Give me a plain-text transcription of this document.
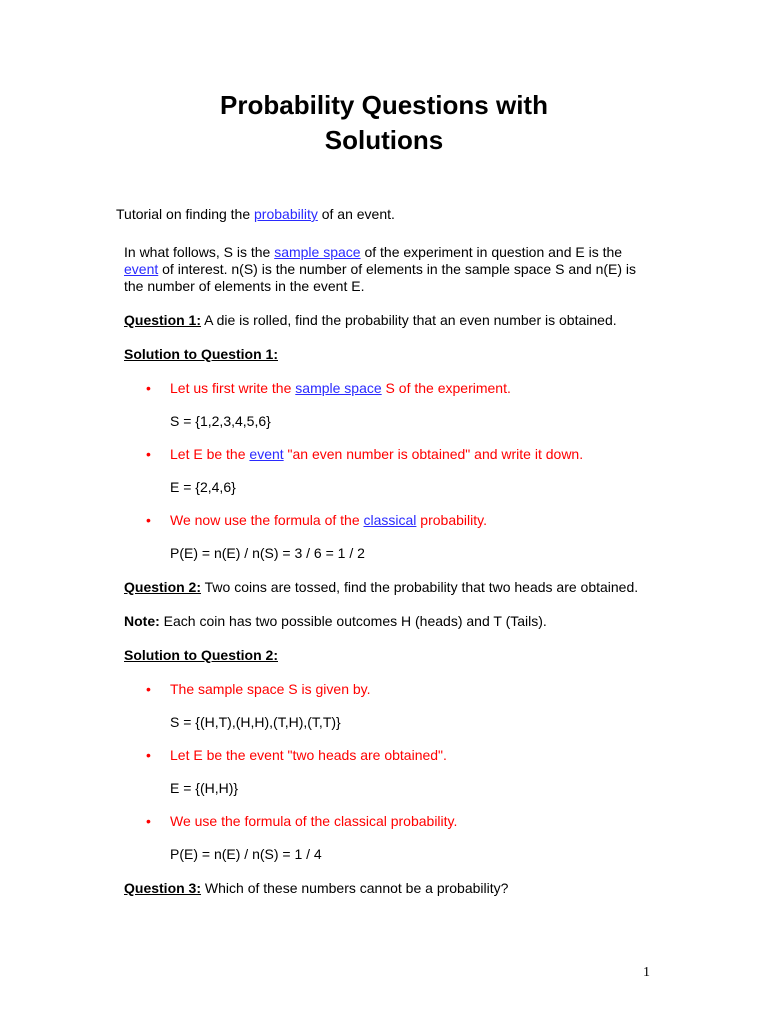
Probability Questions with
Solutions

Tutorial on finding the probability of an event.

In what follows, S is the sample space of the experiment in question and E is the event of interest. n(S) is the number of elements in the sample space S and n(E) is the number of elements in the event E.

Question 1: A die is rolled, find the probability that an even number is obtained.

Solution to Question 1:

• Let us first write the sample space S of the experiment.

S = {1,2,3,4,5,6}

• Let E be the event "an even number is obtained" and write it down.

E = {2,4,6}

• We now use the formula of the classical probability.

P(E) = n(E) / n(S) = 3 / 6 = 1 / 2

Question 2: Two coins are tossed, find the probability that two heads are obtained.

Note: Each coin has two possible outcomes H (heads) and T (Tails).

Solution to Question 2:

• The sample space S is given by.

S = {(H,T),(H,H),(T,H),(T,T)}

• Let E be the event "two heads are obtained".

E = {(H,H)}

• We use the formula of the classical probability.

P(E) = n(E) / n(S) = 1 / 4

Question 3: Which of these numbers cannot be a probability?

1
